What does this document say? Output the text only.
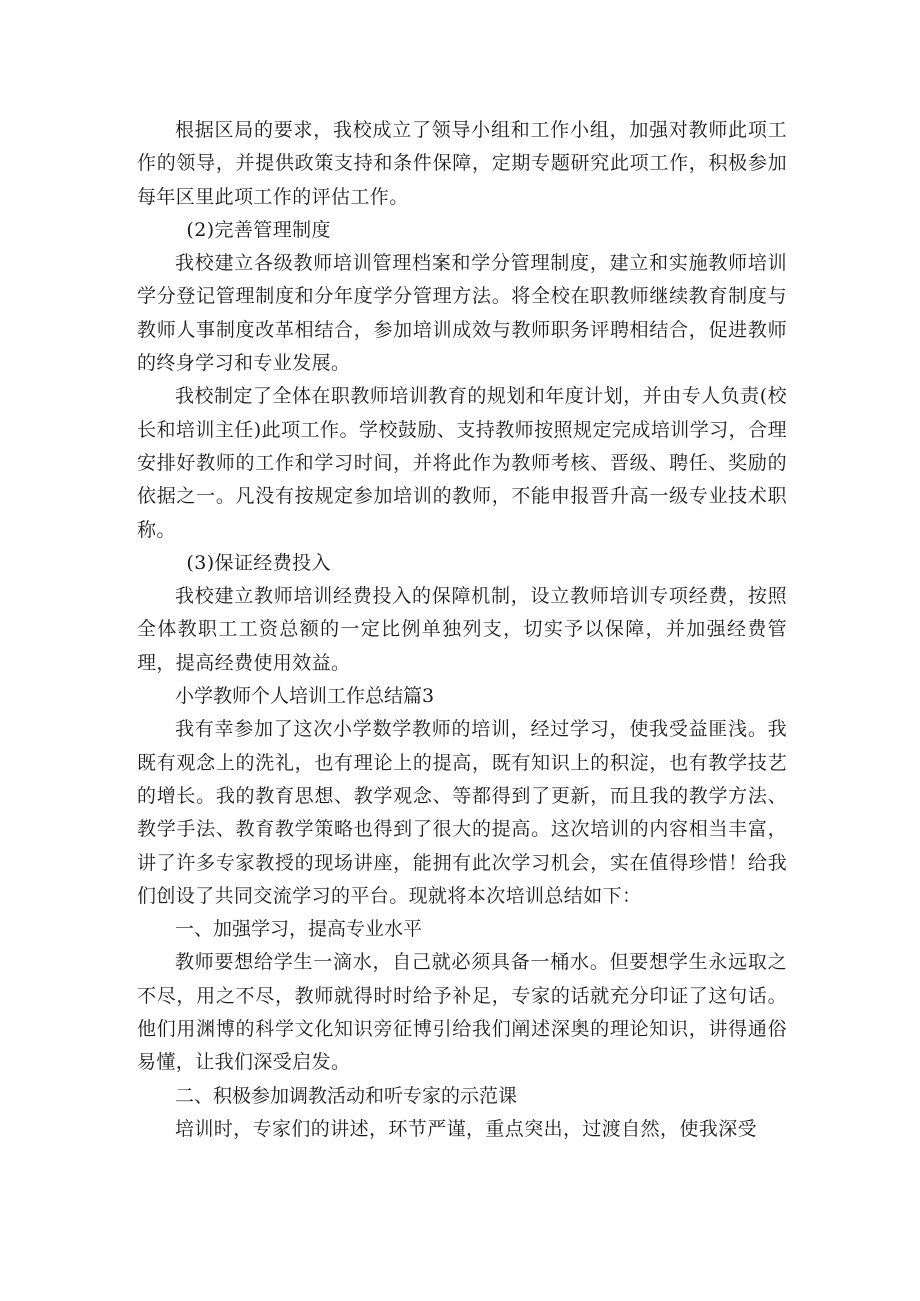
根据区局的要求，我校成立了领导小组和工作小组，加强对教师此项工作的领导，并提供政策支持和条件保障，定期专题研究此项工作，积极参加每年区里此项工作的评估工作。

(2)完善管理制度

我校建立各级教师培训管理档案和学分管理制度，建立和实施教师培训学分登记管理制度和分年度学分管理方法。将全校在职教师继续教育制度与教师人事制度改革相结合，参加培训成效与教师职务评聘相结合，促进教师的终身学习和专业发展。

我校制定了全体在职教师培训教育的规划和年度计划，并由专人负责(校长和培训主任)此项工作。学校鼓励、支持教师按照规定完成培训学习，合理安排好教师的工作和学习时间，并将此作为教师考核、晋级、聘任、奖励的依据之一。凡没有按规定参加培训的教师，不能申报晋升高一级专业技术职称。

(3)保证经费投入

我校建立教师培训经费投入的保障机制，设立教师培训专项经费，按照全体教职工工资总额的一定比例单独列支，切实予以保障，并加强经费管理，提高经费使用效益。

小学教师个人培训工作总结篇3

我有幸参加了这次小学数学教师的培训，经过学习，使我受益匪浅。我既有观念上的洗礼，也有理论上的提高，既有知识上的积淀，也有教学技艺的增长。我的教育思想、教学观念、等都得到了更新，而且我的教学方法、教学手法、教育教学策略也得到了很大的提高。这次培训的内容相当丰富，讲了许多专家教授的现场讲座，能拥有此次学习机会，实在值得珍惜！给我们创设了共同交流学习的平台。现就将本次培训总结如下：

一、加强学习，提高专业水平

教师要想给学生一滴水，自己就必须具备一桶水。但要想学生永远取之不尽，用之不尽，教师就得时时给予补足，专家的话就充分印证了这句话。他们用渊博的科学文化知识旁征博引给我们阐述深奥的理论知识，讲得通俗易懂，让我们深受启发。

二、积极参加调教活动和听专家的示范课

培训时，专家们的讲述，环节严谨，重点突出，过渡自然，使我深受
